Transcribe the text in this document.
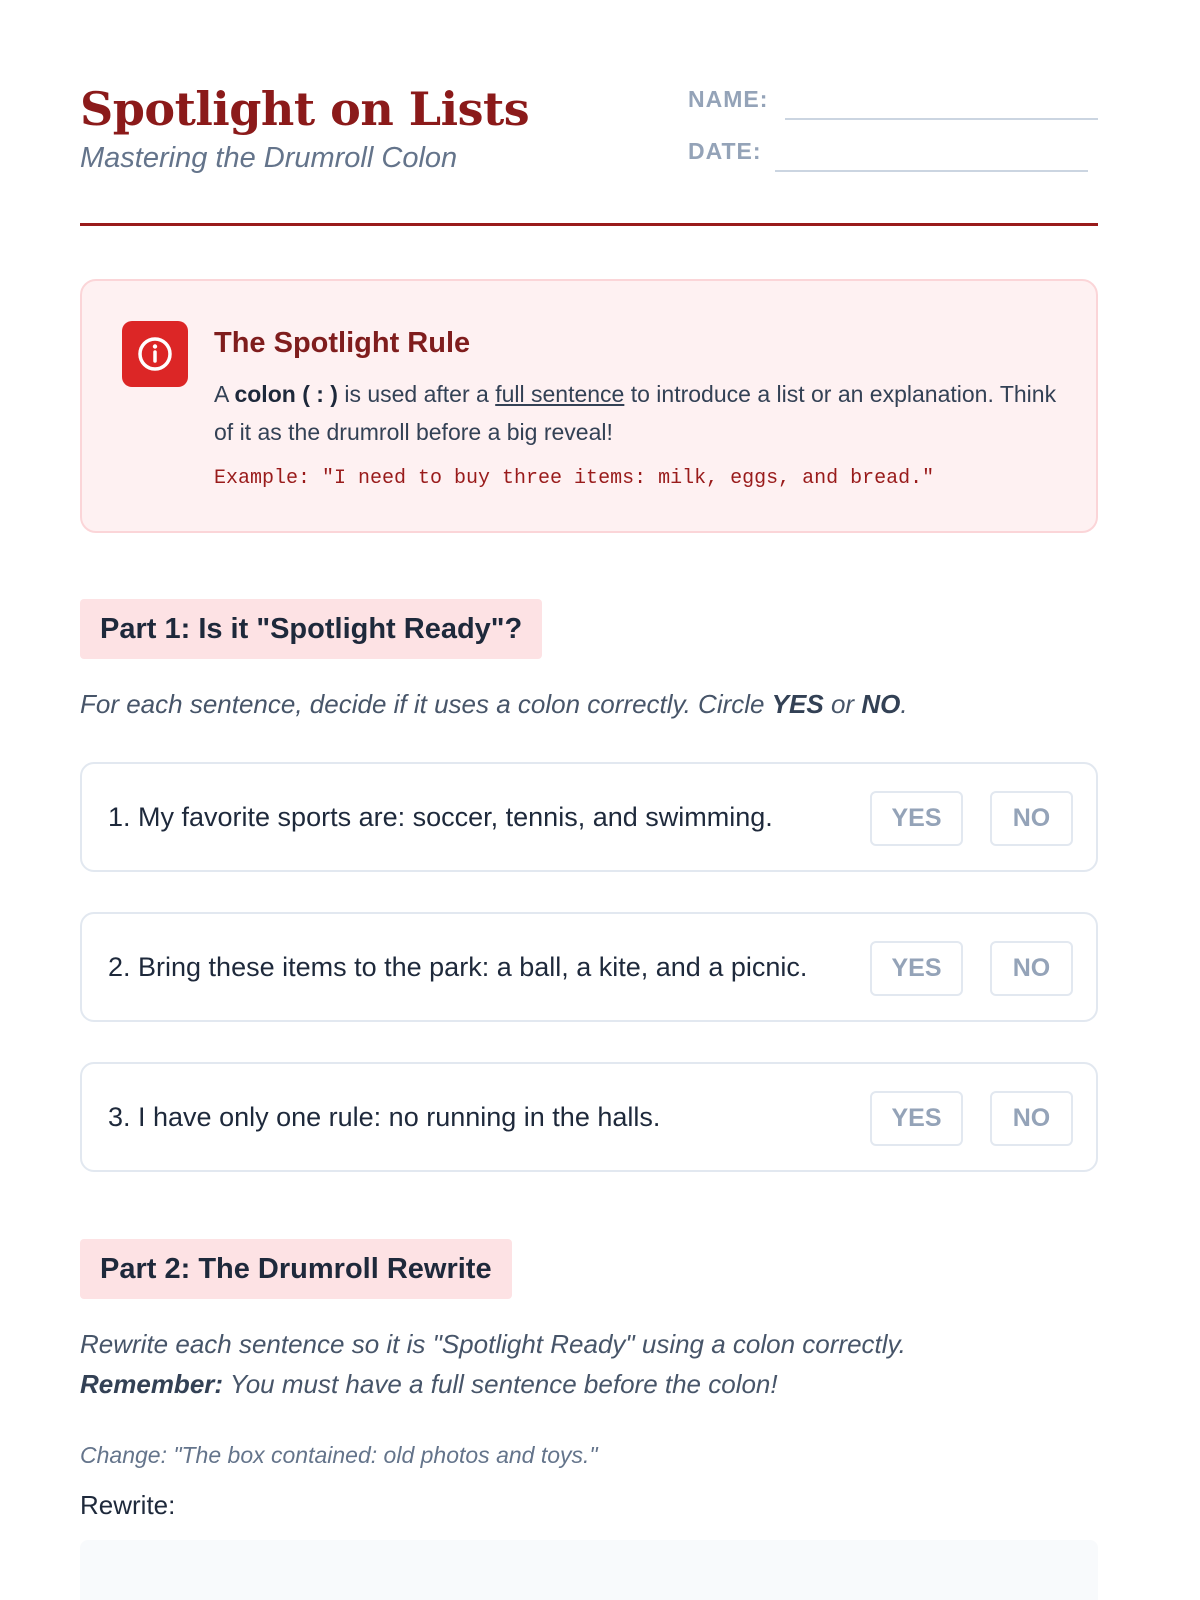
Spotlight on Lists
Mastering the Drumroll Colon
NAME:
DATE:
The Spotlight Rule
A colon ( : ) is used after a full sentence to introduce a list or an explanation. Think of it as the drumroll before a big reveal!
Example: "I need to buy three items: milk, eggs, and bread."
Part 1: Is it "Spotlight Ready"?
For each sentence, decide if it uses a colon correctly. Circle YES or NO.
1. My favorite sports are: soccer, tennis, and swimming.	YES	NO
2. Bring these items to the park: a ball, a kite, and a picnic.	YES	NO
3. I have only one rule: no running in the halls.	YES	NO
Part 2: The Drumroll Rewrite
Rewrite each sentence so it is "Spotlight Ready" using a colon correctly.
Remember: You must have a full sentence before the colon!
Change: "The box contained: old photos and toys."
Rewrite:
